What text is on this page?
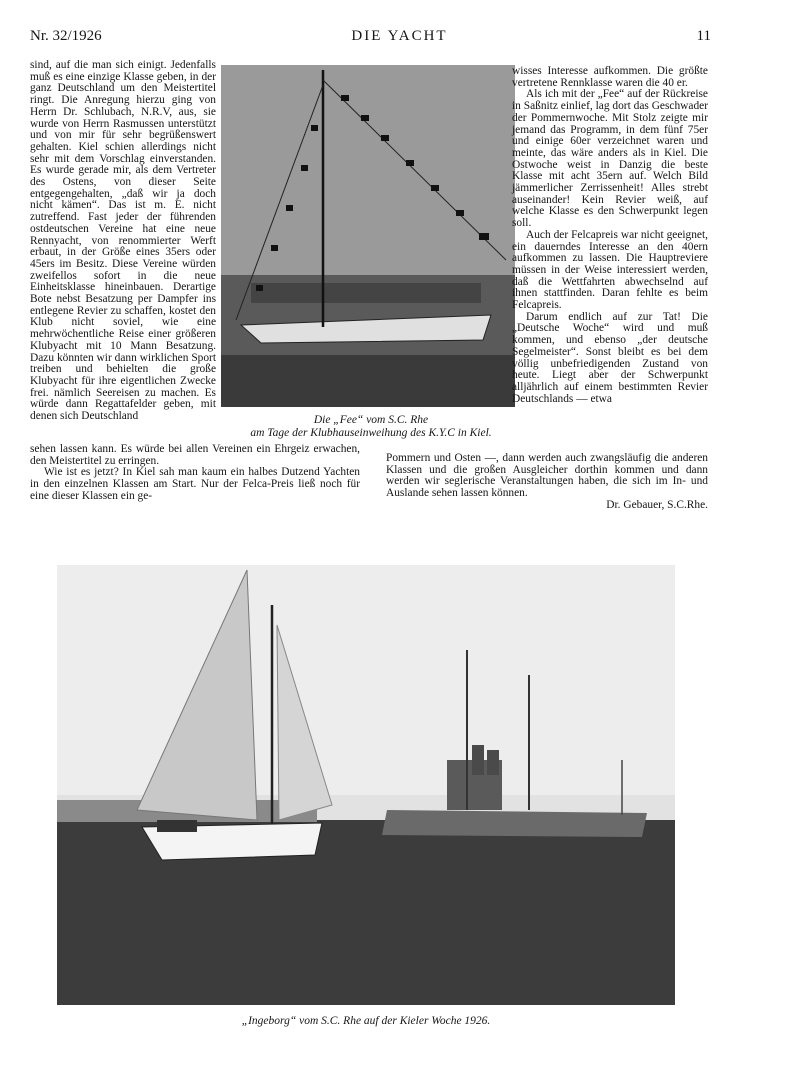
Nr. 32/1926	DIE YACHT	11

sind, auf die man sich einigt. Jedenfalls muß es eine einzige Klasse geben, in der ganz Deutschland um den Meistertitel ringt. Die Anregung hierzu ging von Herrn Dr. Schlubach, N.R.V, aus, sie wurde von Herrn Rasmussen unterstützt und von mir für sehr begrüßenswert gehalten. Kiel schien allerdings nicht sehr mit dem Vorschlag einverstanden. Es wurde gerade mir, als dem Vertreter des Ostens, von dieser Seite entgegengehalten, „daß wir ja doch nicht kämen“. Das ist m. E. nicht zutreffend. Fast jeder der führenden ostdeutschen Vereine hat eine neue Rennyacht, von renommierter Werft erbaut, in der Größe eines 35ers oder 45ers im Besitz. Diese Vereine würden zweifellos sofort in die neue Einheitsklasse hineinbauen. Derartige Bote nebst Besatzung per Dampfer ins entlegene Revier zu schaffen, kostet den Klub nicht soviel, wie eine mehrwöchentliche Reise einer größeren Klubyacht mit 10 Mann Besatzung. Dazu könnten wir dann wirklichen Sport treiben und behielten die große Klubyacht für ihre eigentlichen Zwecke frei. nämlich Seereisen zu machen. Es würde dann Regattafelder geben, mit denen sich Deutschland	Die „Fee“ vom S.C. Rhe
am Tage der Klubhauseinweihung des K.Y.C in Kiel.

wisses Interesse aufkommen. Die größte vertretene Rennklasse waren die 40 er.

Als ich mit der „Fee“ auf der Rückreise in Saßnitz einlief, lag dort das Geschwader der Pommernwoche. Mit Stolz zeigte mir jemand das Programm, in dem fünf 75er und einige 60er verzeichnet waren und meinte, das wäre anders als in Kiel. Die Ostwoche weist in Danzig die beste Klasse mit acht 35ern auf. Welch Bild jämmerlicher Zerrissenheit! Alles strebt auseinander! Kein Revier weiß, auf welche Klasse es den Schwerpunkt legen soll.

Auch der Felcapreis war nicht geeignet, ein dauerndes Interesse an den 40ern aufkommen zu lassen. Die Hauptreviere müssen in der Weise interessiert werden, daß die Wettfahrten abwechselnd auf ihnen stattfinden. Daran fehlte es beim Felcapreis.

Darum endlich auf zur Tat! Die „Deutsche Woche“ wird und muß kommen, und ebenso „der deutsche Segelmeister“. Sonst bleibt es bei dem völlig unbefriedigenden Zustand von heute. Liegt aber der Schwerpunkt alljährlich auf einem bestimmten Revier Deutschlands — etwa

sehen lassen kann. Es würde bei allen Vereinen ein Ehrgeiz erwachen, den Meistertitel zu erringen.

Wie ist es jetzt? In Kiel sah man kaum ein halbes Dutzend Yachten in den einzelnen Klassen am Start. Nur der Felca-Preis ließ noch für eine dieser Klassen ein ge-

Pommern und Osten —, dann werden auch zwangsläufig die anderen Klassen und die großen Ausgleicher dorthin kommen und dann werden wir seglerische Veranstaltungen haben, die sich im In- und Auslande sehen lassen können.

Dr. Gebauer, S.C.Rhe.

„Ingeborg“ vom S.C. Rhe auf der Kieler Woche 1926.
